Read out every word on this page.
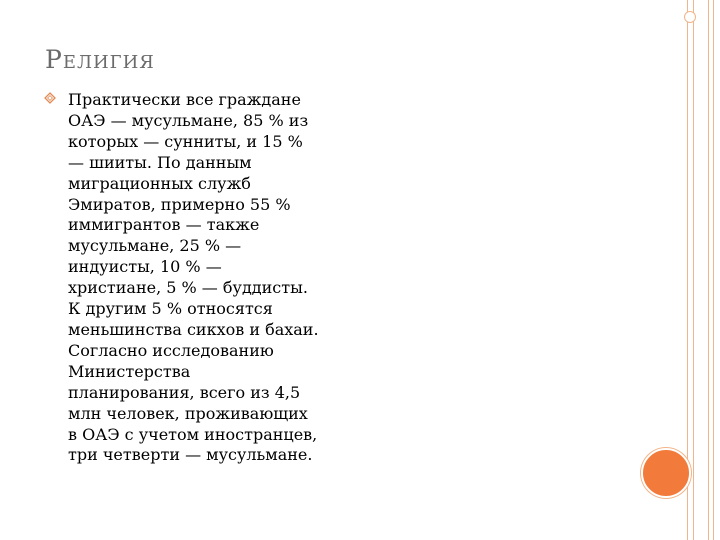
Религия

Практически все граждане
ОАЭ — мусульмане, 85 % из
которых — сунниты, и 15 %
— шииты. По данным
миграционных служб
Эмиратов, примерно 55 %
иммигрантов — также
мусульмане, 25 % —
индуисты, 10 % —
христиане, 5 % — буддисты.
К другим 5 % относятся
меньшинства сикхов и бахаи.
Согласно исследованию
Министерства
планирования, всего из 4,5
млн человек, проживающих
в ОАЭ с учетом иностранцев,
три четверти — мусульмане.
